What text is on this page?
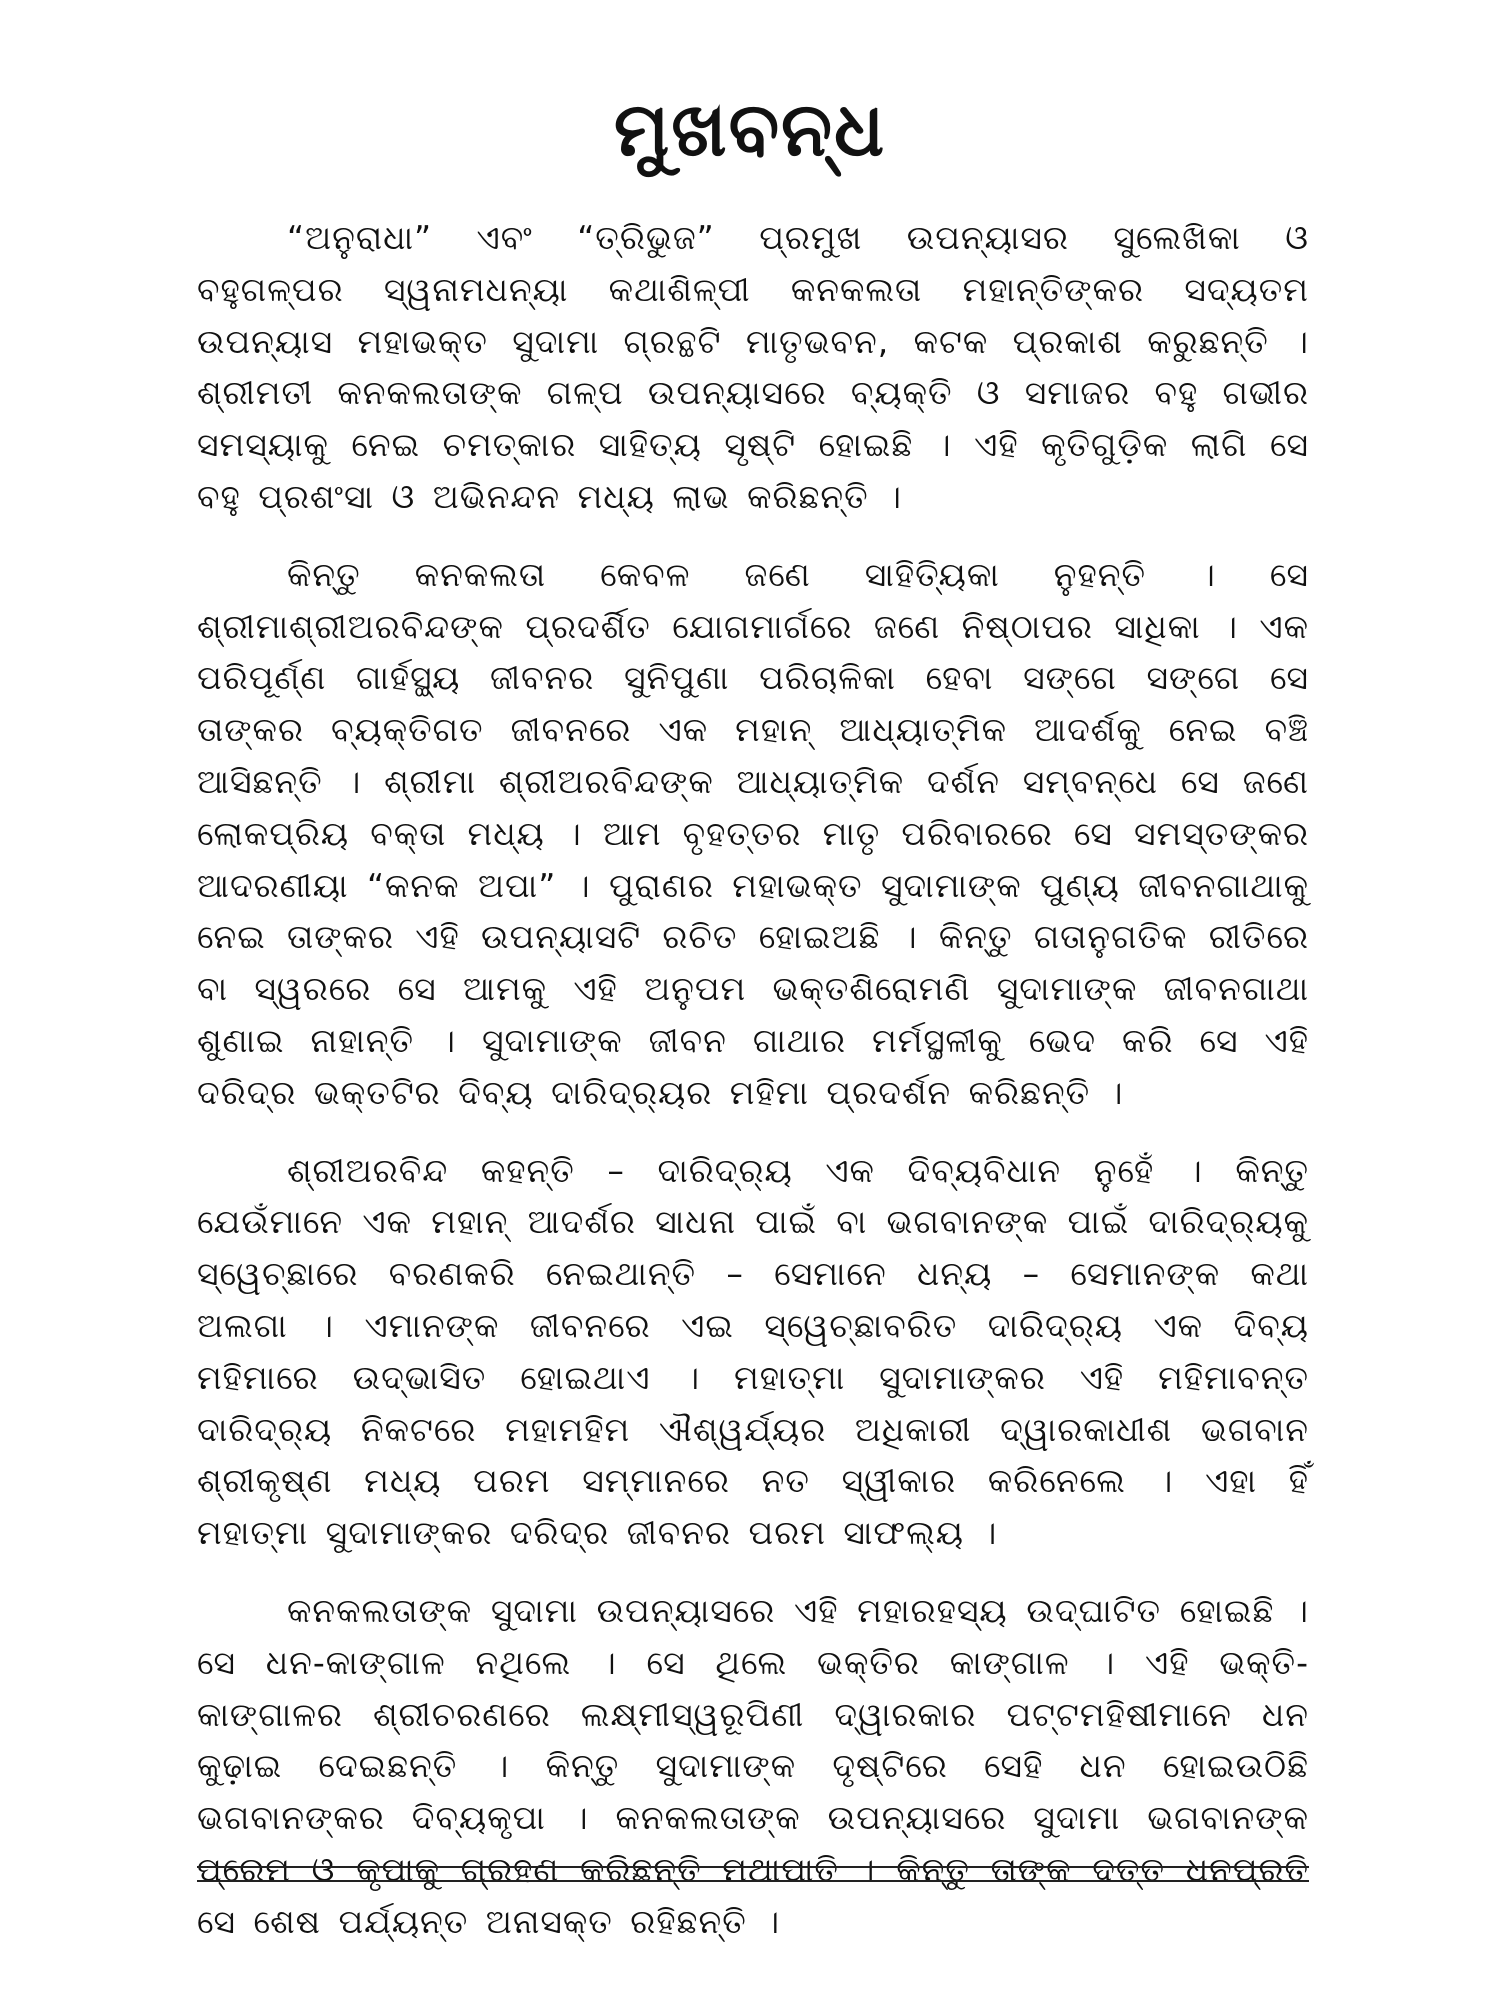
ମୁଖବନ୍ଧ

“ଅନୁରାଧା” ଏବଂ “ତ୍ରିଭୁଜ” ପ୍ରମୁଖ ଉପନ୍ୟାସର ସୁଲେଖିକା ଓ ବହୁଗଳ୍ପର ସ୍ୱନାମଧନ୍ୟା କଥାଶିଳ୍ପୀ କନକଲତା ମହାନ୍ତିଙ୍କର ସଦ୍ୟତମ ଉପନ୍ୟାସ ମହାଭକ୍ତ ସୁଦାମା ଗ୍ରନ୍ଥଟି ମାତୃଭବନ, କଟକ ପ୍ରକାଶ କରୁଛନ୍ତି । ଶ୍ରୀମତୀ କନକଲତାଙ୍କ ଗଳ୍ପ ଉପନ୍ୟାସରେ ବ୍ୟକ୍ତି ଓ ସମାଜର ବହୁ ଗଭୀର ସମସ୍ୟାକୁ ନେଇ ଚମତ୍କାର ସାହିତ୍ୟ ସୃଷ୍ଟି ହୋଇଛି । ଏହି କୃତିଗୁଡ଼ିକ ଲାଗି ସେ ବହୁ ପ୍ରଶଂସା ଓ ଅଭିନନ୍ଦନ ମଧ୍ୟ ଲାଭ କରିଛନ୍ତି ।

କିନ୍ତୁ କନକଲତା କେବଳ ଜଣେ ସାହିତ୍ୟିକା ନୁହନ୍ତି । ସେ ଶ୍ରୀମାଶ୍ରୀଅରବିନ୍ଦଙ୍କ ପ୍ରଦର୍ଶିତ ଯୋଗମାର୍ଗରେ ଜଣେ ନିଷ୍ଠାପର ସାଧିକା । ଏକ ପରିପୂର୍ଣ୍ଣ ଗାର୍ହସ୍ଥ୍ୟ ଜୀବନର ସୁନିପୁଣା ପରିଚାଳିକା ହେବା ସଙ୍ଗେ ସଙ୍ଗେ ସେ ତାଙ୍କର ବ୍ୟକ୍ତିଗତ ଜୀବନରେ ଏକ ମହାନ୍ ଆଧ୍ୟାତ୍ମିକ ଆଦର୍ଶକୁ ନେଇ ବଞ୍ଚି ଆସିଛନ୍ତି । ଶ୍ରୀମା ଶ୍ରୀଅରବିନ୍ଦଙ୍କ ଆଧ୍ୟାତ୍ମିକ ଦର୍ଶନ ସମ୍ବନ୍ଧେ ସେ ଜଣେ ଲୋକପ୍ରିୟ ବକ୍ତା ମଧ୍ୟ । ଆମ ବୃହତ୍ତର ମାତୃ ପରିବାରରେ ସେ ସମସ୍ତଙ୍କର ଆଦରଣୀୟା “କନକ ଅପା” । ପୁରାଣର ମହାଭକ୍ତ ସୁଦାମାଙ୍କ ପୁଣ୍ୟ ଜୀବନଗାଥାକୁ ନେଇ ତାଙ୍କର ଏହି ଉପନ୍ୟାସଟି ରଚିତ ହୋଇଅଛି । କିନ୍ତୁ ଗତାନୁଗତିକ ରୀତିରେ ବା ସ୍ୱରରେ ସେ ଆମକୁ ଏହି ଅନୁପମ ଭକ୍ତଶିରୋମଣି ସୁଦାମାଙ୍କ ଜୀବନଗାଥା ଶୁଣାଇ ନାହାନ୍ତି । ସୁଦାମାଙ୍କ ଜୀବନ ଗାଥାର ମର୍ମସ୍ଥଳୀକୁ ଭେଦ କରି ସେ ଏହି ଦରିଦ୍ର ଭକ୍ତଟିର ଦିବ୍ୟ ଦାରିଦ୍ର୍ୟର ମହିମା ପ୍ରଦର୍ଶନ କରିଛନ୍ତି ।

ଶ୍ରୀଅରବିନ୍ଦ କହନ୍ତି – ଦାରିଦ୍ର୍ୟ ଏକ ଦିବ୍ୟବିଧାନ ନୁହେଁ । କିନ୍ତୁ ଯେଉଁମାନେ ଏକ ମହାନ୍ ଆଦର୍ଶର ସାଧନା ପାଇଁ ବା ଭଗବାନଙ୍କ ପାଇଁ ଦାରିଦ୍ର୍ୟକୁ ସ୍ୱେଚ୍ଛାରେ ବରଣକରି ନେଇଥାନ୍ତି – ସେମାନେ ଧନ୍ୟ – ସେମାନଙ୍କ କଥା ଅଲଗା । ଏମାନଙ୍କ ଜୀବନରେ ଏଇ ସ୍ୱେଚ୍ଛାବରିତ ଦାରିଦ୍ର୍ୟ ଏକ ଦିବ୍ୟ ମହିମାରେ ଉଦ୍‌ଭାସିତ ହୋଇଥାଏ । ମହାତ୍ମା ସୁଦାମାଙ୍କର ଏହି ମହିମାବନ୍ତ ଦାରିଦ୍ର୍ୟ ନିକଟରେ ମହାମହିମ ଐଶ୍ୱର୍ଯ୍ୟର ଅଧିକାରୀ ଦ୍ୱାରକାଧୀଶ ଭଗବାନ ଶ୍ରୀକୃଷ୍ଣ ମଧ୍ୟ ପରମ ସମ୍ମାନରେ ନତ ସ୍ୱୀକାର କରିନେଲେ । ଏହା ହିଁ ମହାତ୍ମା ସୁଦାମାଙ୍କର ଦରିଦ୍ର ଜୀବନର ପରମ ସାଫଲ୍ୟ ।

କନକଲତାଙ୍କ ସୁଦାମା ଉପନ୍ୟାସରେ ଏହି ମହାରହସ୍ୟ ଉଦ୍‌ଘାଟିତ ହୋଇଛି । ସେ ଧନ-କାଙ୍ଗାଳ ନଥିଲେ । ସେ ଥିଲେ ଭକ୍ତିର କାଙ୍ଗାଳ । ଏହି ଭକ୍ତି-କାଙ୍ଗାଳର ଶ୍ରୀଚରଣରେ ଲକ୍ଷ୍ମୀସ୍ୱରୂପିଣୀ ଦ୍ୱାରକାର ପଟ୍ଟମହିଷୀମାନେ ଧନ କୁଢ଼ାଇ ଦେଇଛନ୍ତି । କିନ୍ତୁ ସୁଦାମାଙ୍କ ଦୃଷ୍ଟିରେ ସେହି ଧନ ହୋଇଉଠିଛି ଭଗବାନଙ୍କର ଦିବ୍ୟକୃପା । କନକଲତାଙ୍କ ଉପନ୍ୟାସରେ ସୁଦାମା ଭଗବାନଙ୍କ ପ୍ରେମ ଓ କୃପାକୁ ଗ୍ରହଣ କରିଛନ୍ତି ମଥାପାତି । କିନ୍ତୁ ତାଙ୍କ ଦତ୍ତ ଧନପ୍ରତି ସେ ଶେଷ ପର୍ଯ୍ୟନ୍ତ ଅନାସକ୍ତ ରହିଛନ୍ତି ।
